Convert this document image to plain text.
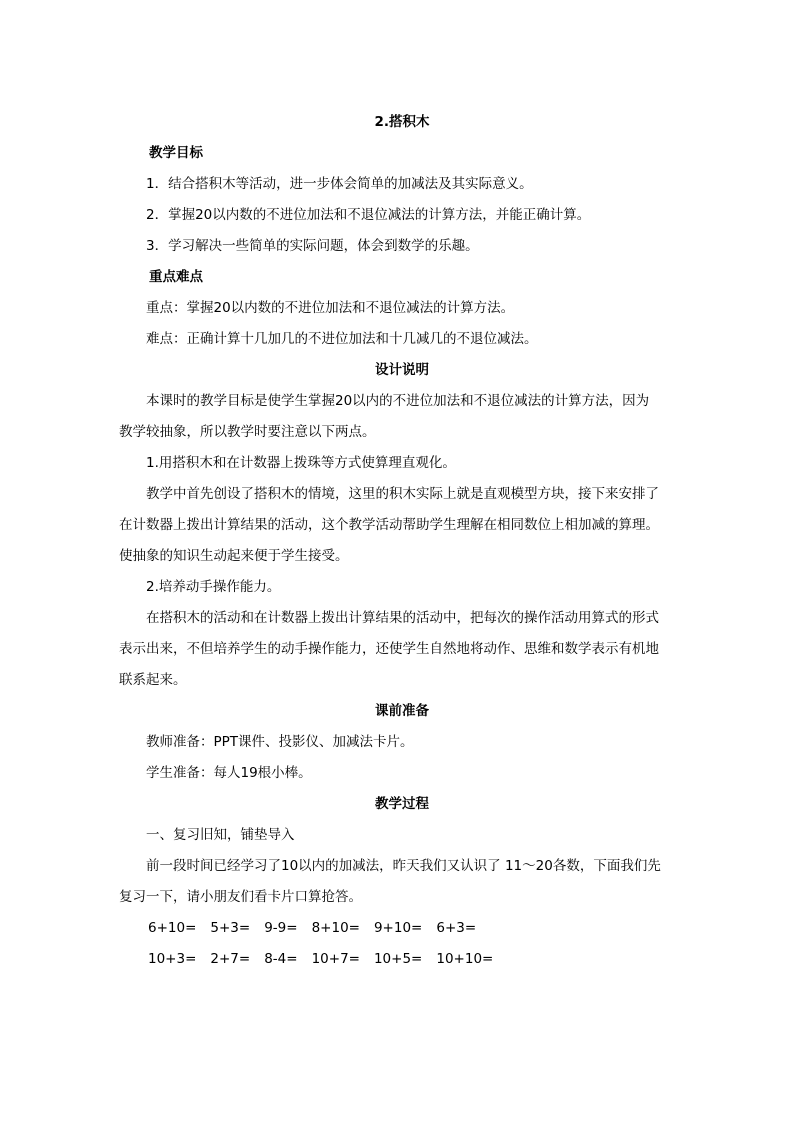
2.搭积木
教学目标
1．结合搭积木等活动，进一步体会简单的加减法及其实际意义。
2．掌握20以内数的不进位加法和不退位减法的计算方法，并能正确计算。
3．学习解决一些简单的实际问题，体会到数学的乐趣。
重点难点
重点：掌握20以内数的不进位加法和不退位减法的计算方法。
难点：正确计算十几加几的不进位加法和十几减几的不退位减法。
设计说明
本课时的教学目标是使学生掌握20以内的不进位加法和不退位减法的计算方法，因为
教学较抽象，所以教学时要注意以下两点。
1.用搭积木和在计数器上拨珠等方式使算理直观化。
教学中首先创设了搭积木的情境，这里的积木实际上就是直观模型方块，接下来安排了
在计数器上拨出计算结果的活动，这个教学活动帮助学生理解在相同数位上相加减的算理。
使抽象的知识生动起来便于学生接受。
2.培养动手操作能力。
在搭积木的活动和在计数器上拨出计算结果的活动中，把每次的操作活动用算式的形式
表示出来，不但培养学生的动手操作能力，还使学生自然地将动作、思维和数学表示有机地
联系起来。
课前准备
教师准备：PPT课件、投影仪、加减法卡片。
学生准备：每人19根小棒。
教学过程
一、复习旧知，铺垫导入
前一段时间已经学习了10以内的加减法，昨天我们又认识了 11～20各数，下面我们先
复习一下，请小朋友们看卡片口算抢答。
6+10= 5+3= 9-9= 8+10= 9+10= 6+3=
10+3= 2+7= 8-4= 10+7= 10+5= 10+10=
